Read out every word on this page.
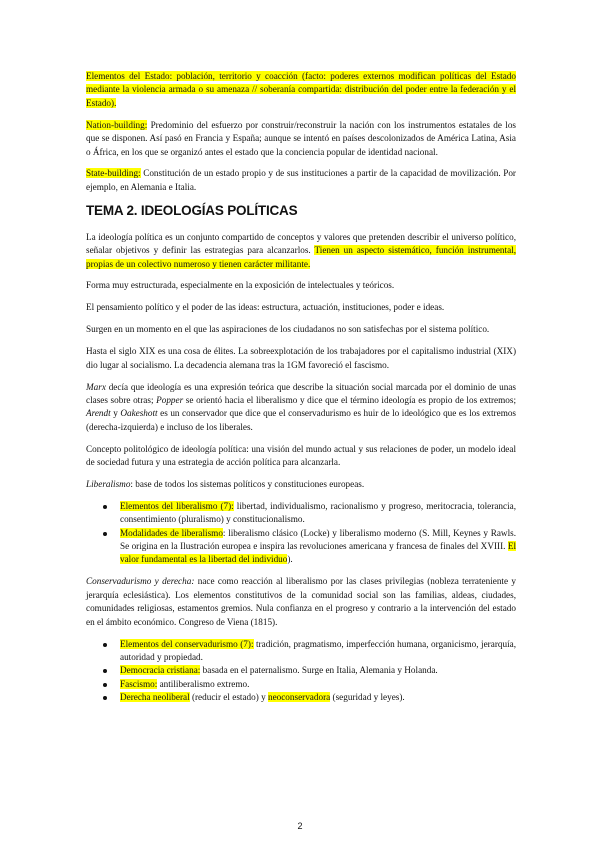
Elementos del Estado: población, territorio y coacción (facto: poderes externos modifican políticas del Estado mediante la violencia armada o su amenaza // soberanía compartida: distribución del poder entre la federación y el Estado).

Nation-building: Predominio del esfuerzo por construir/reconstruir la nación con los instrumentos estatales de los que se disponen. Así pasó en Francia y España; aunque se intentó en países descolonizados de América Latina, Asia o África, en los que se organizó antes el estado que la conciencia popular de identidad nacional.

State-building: Constitución de un estado propio y de sus instituciones a partir de la capacidad de movilización. Por ejemplo, en Alemania e Italia.

TEMA 2. IDEOLOGÍAS POLÍTICAS

La ideología política es un conjunto compartido de conceptos y valores que pretenden describir el universo político, señalar objetivos y definir las estrategias para alcanzarlos. Tienen un aspecto sistemático, función instrumental, propias de un colectivo numeroso y tienen carácter militante.

Forma muy estructurada, especialmente en la exposición de intelectuales y teóricos.

El pensamiento político y el poder de las ideas: estructura, actuación, instituciones, poder e ideas.

Surgen en un momento en el que las aspiraciones de los ciudadanos no son satisfechas por el sistema político.

Hasta el siglo XIX es una cosa de élites. La sobreexplotación de los trabajadores por el capitalismo industrial (XIX) dio lugar al socialismo. La decadencia alemana tras la 1GM favoreció el fascismo.

Marx decía que ideología es una expresión teórica que describe la situación social marcada por el dominio de unas clases sobre otras; Popper se orientó hacia el liberalismo y dice que el término ideología es propio de los extremos; Arendt y Oakeshott es un conservador que dice que el conservadurismo es huir de lo ideológico que es los extremos (derecha-izquierda) e incluso de los liberales.

Concepto politológico de ideología política: una visión del mundo actual y sus relaciones de poder, un modelo ideal de sociedad futura y una estrategia de acción política para alcanzarla.

Liberalismo: base de todos los sistemas políticos y constituciones europeas.

Elementos del liberalismo (7): libertad, individualismo, racionalismo y progreso, meritocracia, tolerancia, consentimiento (pluralismo) y constitucionalismo.
Modalidades de liberalismo: liberalismo clásico (Locke) y liberalismo moderno (S. Mill, Keynes y Rawls. Se origina en la Ilustración europea e inspira las revoluciones americana y francesa de finales del XVIII. El valor fundamental es la libertad del individuo).

Conservadurismo y derecha: nace como reacción al liberalismo por las clases privilegias (nobleza terrateniente y jerarquía eclesiástica). Los elementos constitutivos de la comunidad social son las familias, aldeas, ciudades, comunidades religiosas, estamentos gremios. Nula confianza en el progreso y contrario a la intervención del estado en el ámbito económico. Congreso de Viena (1815).

Elementos del conservadurismo (7): tradición, pragmatismo, imperfección humana, organicismo, jerarquía, autoridad y propiedad.
Democracia cristiana: basada en el paternalismo. Surge en Italia, Alemania y Holanda.
Fascismo: antiliberalismo extremo.
Derecha neoliberal (reducir el estado) y neoconservadora (seguridad y leyes).
2
